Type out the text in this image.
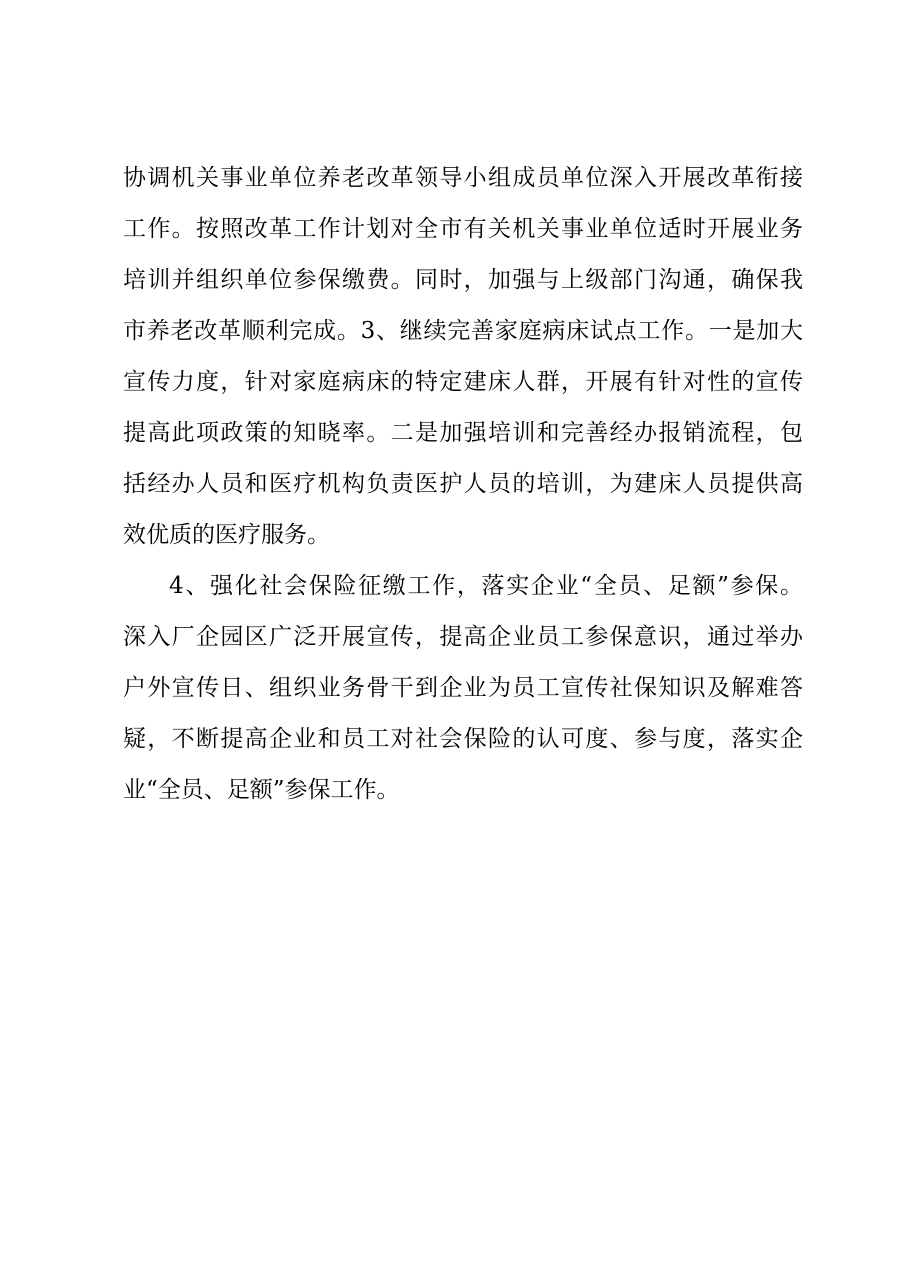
协调机关事业单位养老改革领导小组成员单位深入开展改革衔接
工作。按照改革工作计划对全市有关机关事业单位适时开展业务
培训并组织单位参保缴费。同时，加强与上级部门沟通，确保我
市养老改革顺利完成。3、继续完善家庭病床试点工作。一是加大
宣传力度，针对家庭病床的特定建床人群，开展有针对性的宣传
提高此项政策的知晓率。二是加强培训和完善经办报销流程，包
括经办人员和医疗机构负责医护人员的培训，为建床人员提供高
效优质的医疗服务。
4、强化社会保险征缴工作，落实企业“全员、足额”参保。
深入厂企园区广泛开展宣传，提高企业员工参保意识，通过举办
户外宣传日、组织业务骨干到企业为员工宣传社保知识及解难答
疑，不断提高企业和员工对社会保险的认可度、参与度，落实企
业“全员、足额”参保工作。
